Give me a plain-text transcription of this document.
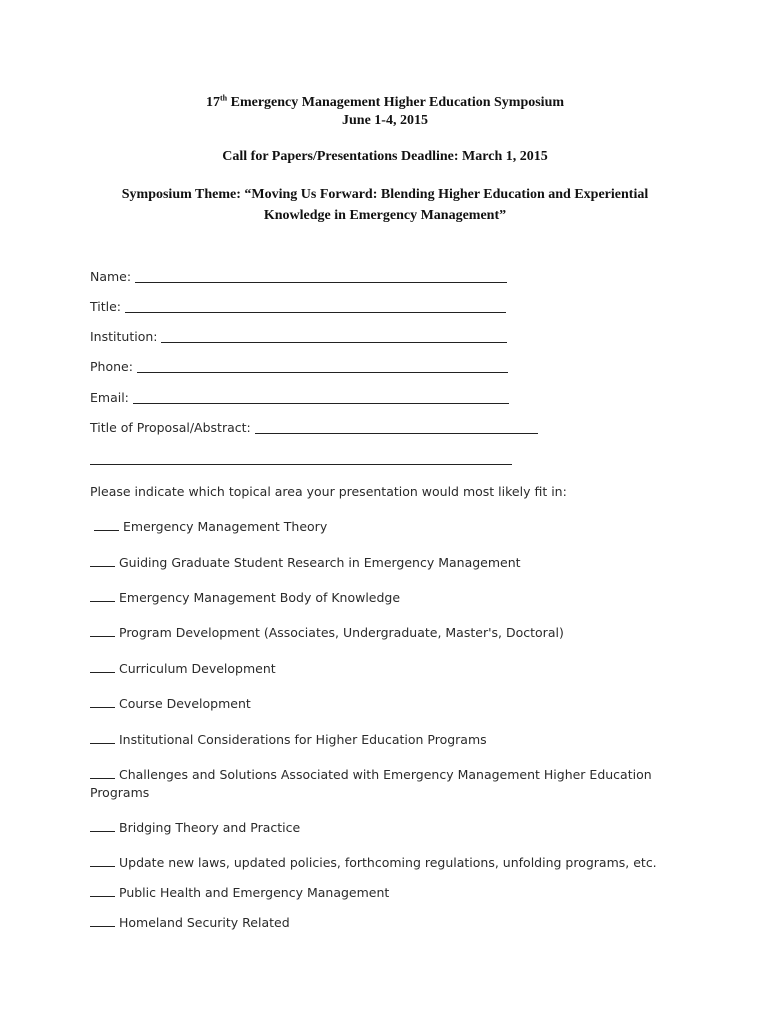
17th Emergency Management Higher Education Symposium
June 1-4, 2015
Call for Papers/Presentations Deadline: March 1, 2015
Symposium Theme: “Moving Us Forward: Blending Higher Education and Experiential Knowledge in Emergency Management”
Name:
Title:
Institution:
Phone:
Email:
Title of Proposal/Abstract:
Please indicate which topical area your presentation would most likely fit in:
Emergency Management Theory
Guiding Graduate Student Research in Emergency Management
Emergency Management Body of Knowledge
Program Development (Associates, Undergraduate, Master's, Doctoral)
Curriculum Development
Course Development
Institutional Considerations for Higher Education Programs
Challenges and Solutions Associated with Emergency Management Higher Education Programs
Bridging Theory and Practice
Update new laws, updated policies, forthcoming regulations, unfolding programs, etc.
Public Health and Emergency Management
Homeland Security Related
